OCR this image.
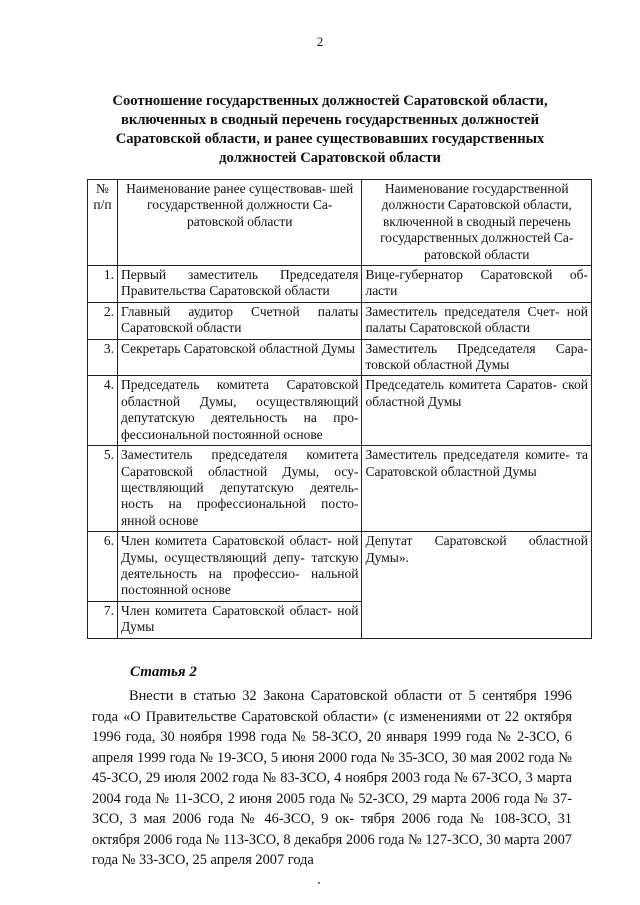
2
Соотношение государственных должностей Саратовской области, включенных в сводный перечень государственных должностей Саратовской области, и ранее существовавших государственных должностей Саратовской области
№ п/п	Наименование ранее существовав- шей государственной должности Са- ратовской области	Наименование государственной должности Саратовской области, включенной в сводный перечень государственных должностей Са- ратовской области
1.	Первый заместитель Председателя Правительства Саратовской области	Вице-губернатор Саратовской об- ласти
2.	Главный аудитор Счетной палаты Саратовской области	Заместитель председателя Счет- ной палаты Саратовской области
3.	Секретарь Саратовской областной Думы	Заместитель Председателя Сара- товской областной Думы
4.	Председатель комитета Саратовской областной Думы, осуществляющий депутатскую деятельность на про- фессиональной постоянной основе	Председатель комитета Саратов- ской областной Думы
5.	Заместитель председателя комитета Саратовской областной Думы, осу- ществляющий депутатскую деятель- ность на профессиональной посто- янной основе	Заместитель председателя комите- та Саратовской областной Думы
6.	Член комитета Саратовской област- ной Думы, осуществляющий депу- татскую деятельность на профессио- нальной постоянной основе	Депутат Саратовской областной Думы».
7.	Член комитета Саратовской област- ной Думы	
Статья 2

Внести в статью 32 Закона Саратовской области от 5 сентября 1996 года «О Правительстве Саратовской области» (с изменениями от 22 октября 1996 года, 30 ноября 1998 года № 58-ЗСО, 20 января 1999 года № 2-ЗСО, 6 апреля 1999 года № 19-ЗСО, 5 июня 2000 года № 35-ЗСО, 30 мая 2002 года № 45-ЗСО, 29 июля 2002 года № 83-ЗСО, 4 ноября 2003 года № 67-ЗСО, 3 марта 2004 года № 11-ЗСО, 2 июня 2005 года № 52-ЗСО, 29 марта 2006 года № 37-ЗСО, 3 мая 2006 года № 46-ЗСО, 9 ок- тября 2006 года № 108-ЗСО, 31 октября 2006 года № 113-ЗСО, 8 декабря 2006 года № 127-ЗСО, 30 марта 2007 года № 33-ЗСО, 25 апреля 2007 года
